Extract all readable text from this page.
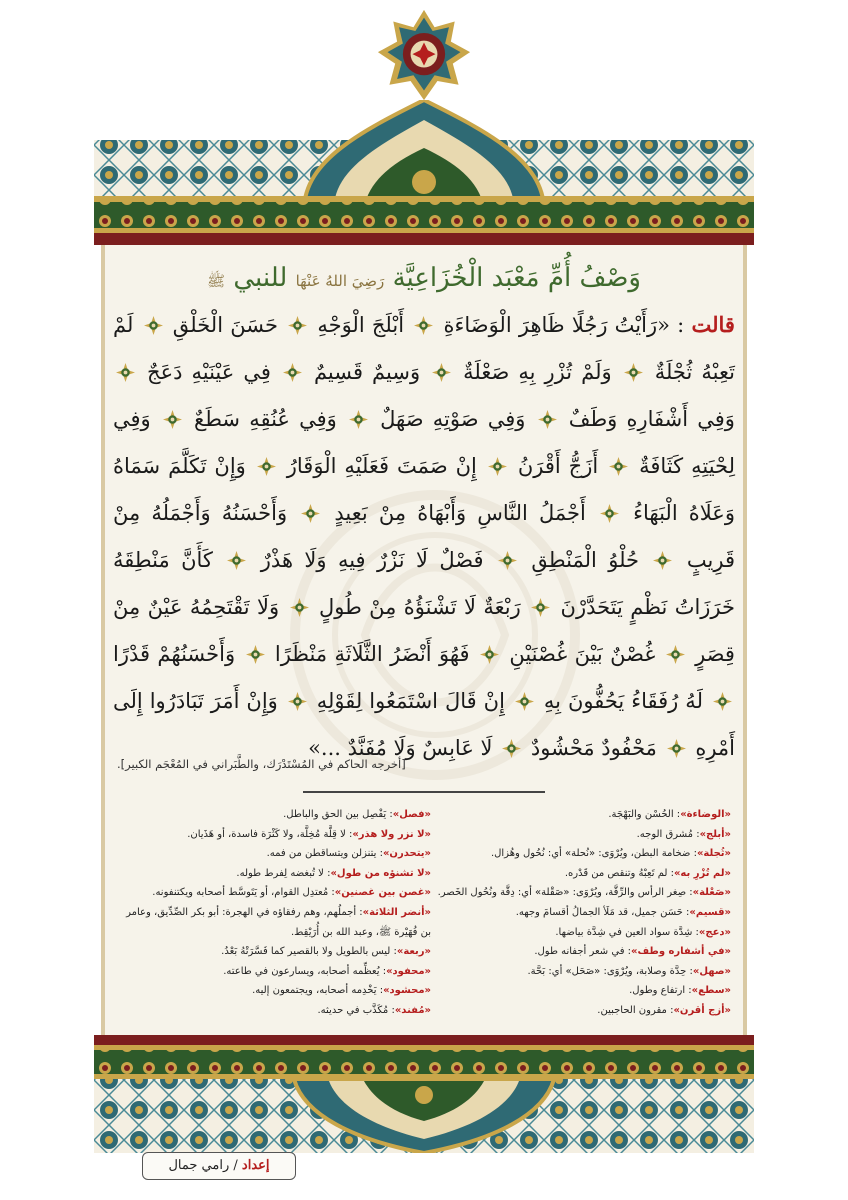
وَصْفُ أُمِّ مَعْبَد الْخُزَاعِيَّة رَضِيَ اللهُ عَنْهَا للنبي ﷺ
قالت : «رَأَيْتُ رَجُلًا ظَاهِرَ الْوَضَاءَةِ  أَبْلَجَ الْوَجْهِ  حَسَنَ الْخَلْقِ  لَمْ تَعِبْهُ ثُجْلَةٌ  وَلَمْ تُزْرِ بِهِ صَعْلَةٌ  وَسِيمٌ قَسِيمٌ  فِي عَيْنَيْهِ دَعَجٌ  وَفِي أَشْفَارِهِ وَطَفٌ  وَفِي صَوْتِهِ صَهَلٌ  وَفِي عُنُقِهِ سَطَعٌ  وَفِي لِحْيَتِهِ كَثَافَةٌ  أَزَجُّ أَقْرَنُ  إِنْ صَمَتَ فَعَلَيْهِ الْوَقَارُ  وَإِنْ تَكَلَّمَ سَمَاهُ وَعَلَاهُ الْبَهَاءُ  أَجْمَلُ النَّاسِ وَأَبْهَاهُ مِنْ بَعِيدٍ  وَأَحْسَنُهُ وَأَجْمَلُهُ مِنْ قَرِيبٍ  حُلْوُ الْمَنْطِقِ  فَصْلٌ لَا نَزْرٌ فِيهِ وَلَا هَذْرٌ  كَأَنَّ مَنْطِقَهُ خَرَزَاتُ نَظْمٍ يَتَحَدَّرْنَ  رَبْعَةٌ لَا تَشْنَؤُهُ مِنْ طُولٍ  وَلَا تَقْتَحِمُهُ عَيْنٌ مِنْ قِصَرٍ  غُصْنٌ بَيْنَ غُصْنَيْنِ  فَهُوَ أَنْضَرُ الثَّلَاثَةِ مَنْظَرًا  وَأَحْسَنُهُمْ قَدْرًا  لَهُ رُفَقَاءُ يَحُفُّونَ بِهِ  إِنْ قَالَ اسْتَمَعُوا لِقَوْلِهِ  وَإِنْ أَمَرَ تَبَادَرُوا إِلَى أَمْرِهِ  مَحْفُودٌ مَحْشُودٌ  لَا عَابِسٌ وَلَا مُفَنَّدٌ ...»
[أخرجه الحاكم في المُسْتَدْرَك، والطَّبَراني في المُعْجَم الكبير].
«الوضاءة»: الحُسْن والبَهْجَة.
«أبلج»: مُشرق الوجه.
«ثُجلة»: ضخامة البطن، ويُرْوَى: «نُحلة» أي: نُحُول وهُزال.
«لم تُزْرِ به»: لم تَعِبْهُ وتنقص من قَدْره.
«صَعْلة»: صِغر الرأس والرِّقَّة، ويُرْوَى: «صَقْلة» أي: دِقَّة ونُحُول الخَصر.
«قسيم»: حَسَن جميل، قد مَلَأ الجمالُ أقسامَ وجهه.
«دعج»: شِدَّة سواد العين في شِدَّة بياضها.
«في أشفاره وطف»: في شعر أجفانه طول.
«صهل»: حِدَّة وصلابة، ويُرْوَى: «صَحَل» أي: بَحَّة.
«سطع»: ارتفاع وطول.
«أزج أقرن»: مقرون الحاجبين.
«فصل»: يَفْصِل بين الحق والباطل.
«لا نزر ولا هذر»: لا قِلَّة مُخِلَّة، ولا كَثْرَة فاسدة، أو هَذَيان.
«يتحدرن»: يتنزلن ويتساقطن من فمه.
«لا تشنؤه من طول»: لا تُبغضه لِفرط طوله.
«غصن بين غصنين»: مُعتدِل القوام، أو يَتَوسَّط أصحابه ويكتنفونه.
«أنضر الثلاثة»: أجملُهم، وهم رفقاؤه في الهجرة: أبو بكر الصِّدِّيق، وعامر بن فُهَيْرة ﷺ، وعبد الله بن أُرَيْقِط.
«ربعة»: ليس بالطويل ولا بالقصير كما فَسَّرَتْهُ بَعْدُ.
«محفود»: يُعظِّمه أصحابه، ويسارعون في طاعته.
«محشود»: يَخْدِمه أصحابه، ويجتمعون إليه.
«مُفند»: مُكَذَّب في حديثه.
إعداد / رامي جمال
